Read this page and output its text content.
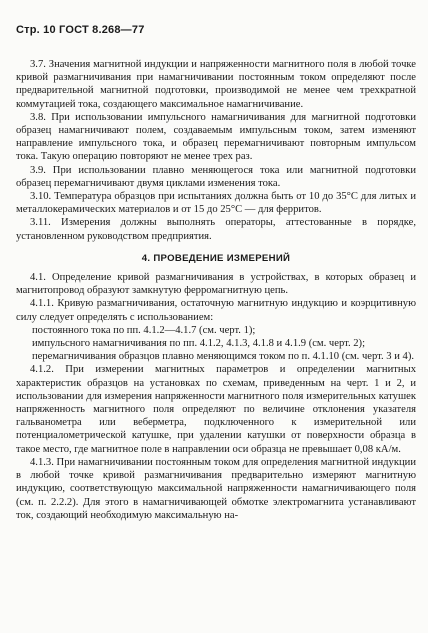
Стр. 10 ГОСТ 8.268—77

3.7. Значения магнитной индукции и напряженности магнитного поля в любой точке кривой размагничивания при намагничивании постоянным током определяют после предварительной магнитной подготовки, производимой не менее чем трехкратной коммутацией тока, создающего максимальное намагничивание.

3.8. При использовании импульсного намагничивания для магнитной подготовки образец намагничивают полем, создаваемым импульсным током, затем изменяют направление импульсного тока, и образец перемагничивают повторным импульсом тока. Такую операцию повторяют не менее трех раз.

3.9. При использовании плавно меняющегося тока или магнитной подготовки образец перемагничивают двумя циклами изменения тока.

3.10. Температура образцов при испытаниях должна быть от 10 до 35°С для литых и металлокерамических материалов и от 15 до 25°С — для ферритов.

3.11. Измерения должны выполнять операторы, аттестованные в порядке, установленном руководством предприятия.

4. ПРОВЕДЕНИЕ ИЗМЕРЕНИЙ

4.1. Определение кривой размагничивания в устройствах, в которых образец и магнитопровод образуют замкнутую ферромагнитную цепь.

4.1.1. Кривую размагничивания, остаточную магнитную индукцию и коэрцитивную силу следует определять с использованием:

постоянного тока по пп. 4.1.2—4.1.7 (см. черт. 1);

импульсного намагничивания по пп. 4.1.2, 4.1.3, 4.1.8 и 4.1.9 (см. черт. 2);

перемагничивания образцов плавно меняющимся током по п. 4.1.10 (см. черт. 3 и 4).

4.1.2. При измерении магнитных параметров и определении магнитных характеристик образцов на установках по схемам, приведенным на черт. 1 и 2, и использовании для измерения напряженности магнитного поля измерительных катушек напряженность магнитного поля определяют по величине отклонения указателя гальванометра или веберметра, подключенного к измерительной или потенциалометрической катушке, при удалении катушки от поверхности образца в такое место, где магнитное поле в направлении оси образца не превышает 0,08 кА/м.

4.1.3. При намагничивании постоянным током для определения магнитной индукции в любой точке кривой размагничивания предварительно измеряют магнитную индукцию, соответствующую максимальной напряженности намагничивающего поля (см. п. 2.2.2). Для этого в намагничивающей обмотке электромагнита устанавливают ток, создающий необходимую максимальную на-
